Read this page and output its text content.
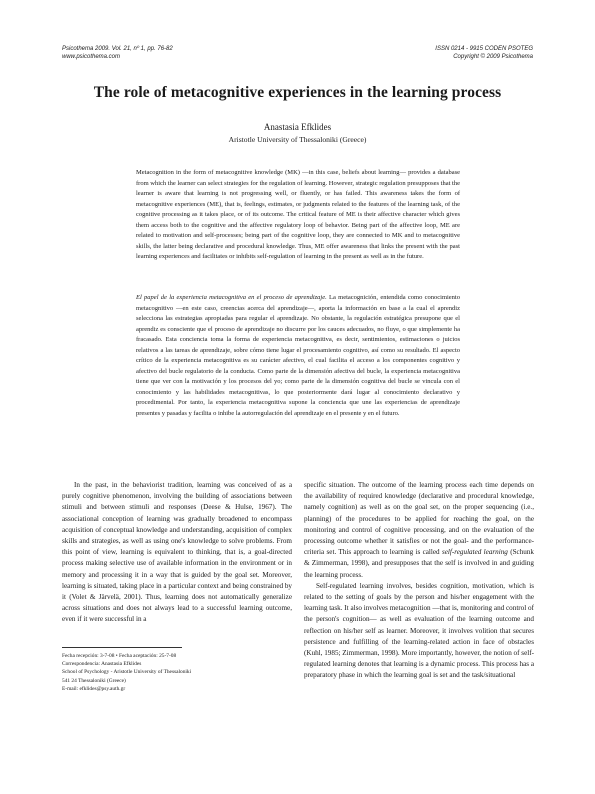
Psicothema 2009. Vol. 21, nº 1, pp. 76-82
www.psicothema.com
ISSN 0214 - 9915 CODEN PSOTEG
Copyright © 2009 Psicothema
The role of metacognitive experiences in the learning process
Anastasia Efklides
Aristotle University of Thessaloniki (Greece)

Metacognition in the form of metacognitive knowledge (MK) —in this case, beliefs about learning— provides a database from which the learner can select strategies for the regulation of learning. However, strategic regulation presupposes that the learner is aware that learning is not progressing well, or fluently, or has failed. This awareness takes the form of metacognitive experiences (ME), that is, feelings, estimates, or judgments related to the features of the learning task, of the cognitive processing as it takes place, or of its outcome. The critical feature of ME is their affective character which gives them access both to the cognitive and the affective regulatory loop of behavior. Being part of the affective loop, ME are related to motivation and self-processes; being part of the cognitive loop, they are connected to MK and to metacognitive skills, the latter being declarative and procedural knowledge. Thus, ME offer awareness that links the present with the past learning experiences and facilitates or inhibits self-regulation of learning in the present as well as in the future.

El papel de la experiencia metacognitiva en el proceso de aprendizaje. La metacognición, entendida como conocimiento metacognitivo —en este caso, creencias acerca del aprendizaje—, aporta la información en base a la cual el aprendiz selecciona las estrategias apropiadas para regular el aprendizaje. No obstante, la regulación estratégica presupone que el aprendiz es consciente que el proceso de aprendizaje no discurre por los cauces adecuados, no fluye, o que simplemente ha fracasado. Esta conciencia toma la forma de experiencia metacognitiva, es decir, sentimientos, estimaciones o juicios relativos a las tareas de aprendizaje, sobre cómo tiene lugar el procesamiento cognitivo, así como su resultado. El aspecto crítico de la experiencia metacognitiva es su carácter afectivo, el cual facilita el acceso a los componentes cognitivo y afectivo del bucle regulatorio de la conducta. Como parte de la dimensión afectiva del bucle, la experiencia metacognitiva tiene que ver con la motivación y los procesos del yo; como parte de la dimensión cognitiva del bucle se vincula con el conocimiento y las habilidades metacognitivas, lo que posteriormente dará lugar al conocimiento declarativo y procedimental. Por tanto, la experiencia metacognitiva supone la conciencia que une las experiencias de aprendizaje presentes y pasadas y facilita o inhibe la autorregulación del aprendizaje en el presente y en el futuro.

In the past, in the behaviorist tradition, learning was conceived of as a purely cognitive phenomenon, involving the building of associations between stimuli and between stimuli and responses (Deese & Hulse, 1967). The associational conception of learning was gradually broadened to encompass acquisition of conceptual knowledge and understanding, acquisition of complex skills and strategies, as well as using one's knowledge to solve problems. From this point of view, learning is equivalent to thinking, that is, a goal-directed process making selective use of available information in the environment or in memory and processing it in a way that is guided by the goal set. Moreover, learning is situated, taking place in a particular context and being constrained by it (Volet & Järvelä, 2001). Thus, learning does not automatically generalize across situations and does not always lead to a successful learning outcome, even if it were successful in a

specific situation. The outcome of the learning process each time depends on the availability of required knowledge (declarative and procedural knowledge, namely cognition) as well as on the goal set, on the proper sequencing (i.e., planning) of the procedures to be applied for reaching the goal, on the monitoring and control of cognitive processing, and on the evaluation of the processing outcome whether it satisfies or not the goal- and the performance-criteria set. This approach to learning is called self-regulated learning (Schunk & Zimmerman, 1998), and presupposes that the self is involved in and guiding the learning process.

Self-regulated learning involves, besides cognition, motivation, which is related to the setting of goals by the person and his/her engagement with the learning task. It also involves metacognition —that is, monitoring and control of the person's cognition— as well as evaluation of the learning outcome and reflection on his/her self as learner. Moreover, it involves volition that secures persistence and fulfilling of the learning-related action in face of obstacles (Kuhl, 1985; Zimmerman, 1998). More importantly, however, the notion of self-regulated learning denotes that learning is a dynamic process. This process has a preparatory phase in which the learning goal is set and the task/situational

Fecha recepción: 3-7-08 • Fecha aceptación: 25-7-08
Correspondencia: Anastasia Efklides
School of Psychology - Aristotle University of Thessaloniki
541 24 Thessaloniki (Greece)
E-mail: efklides@psy.auth.gr
